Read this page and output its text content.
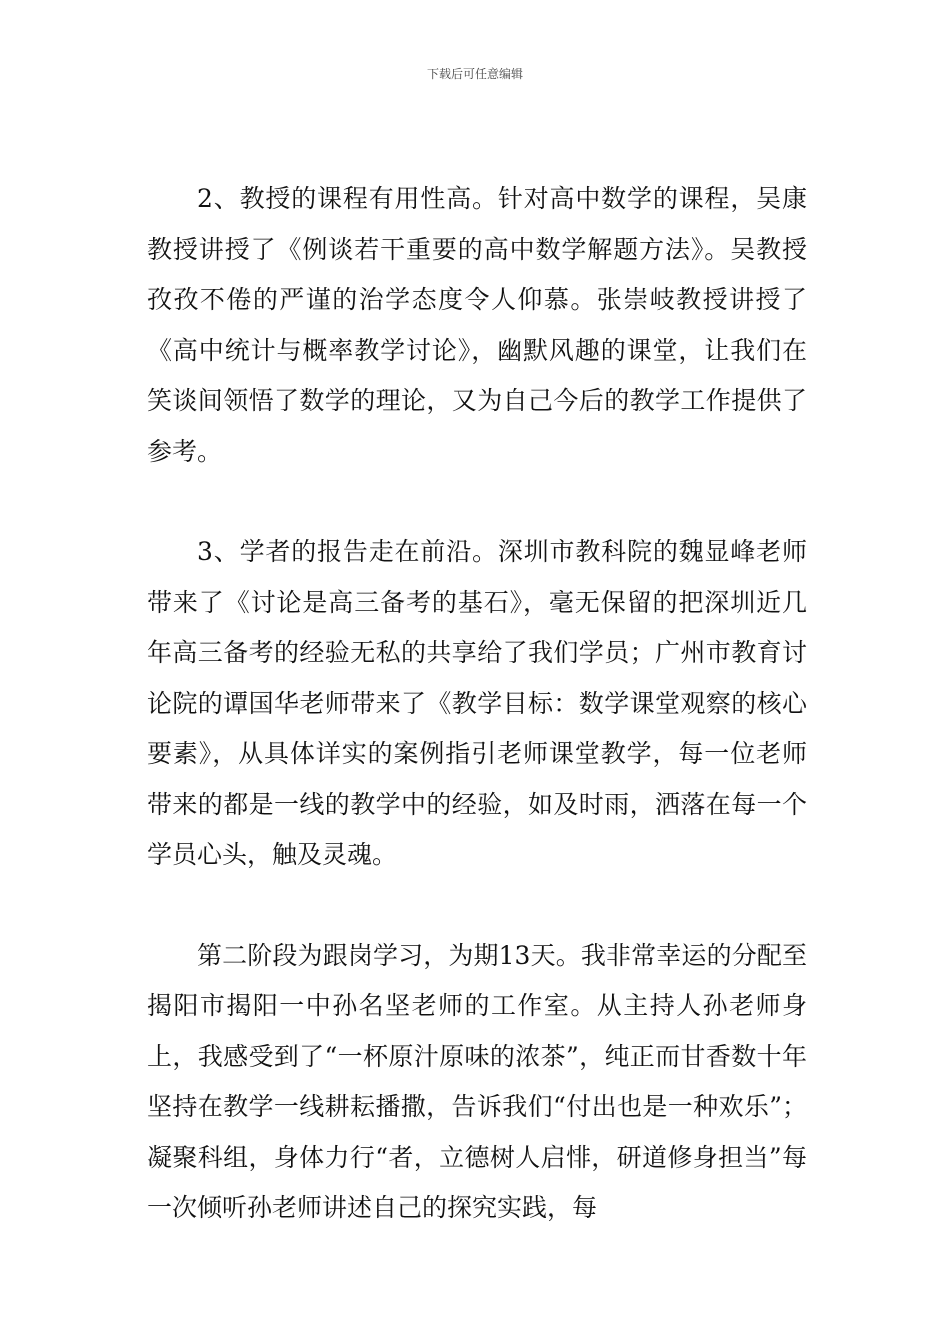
下载后可任意编辑

2、教授的课程有用性高。针对高中数学的课程，吴康教授讲授了《例谈若干重要的高中数学解题方法》。吴教授孜孜不倦的严谨的治学态度令人仰慕。张崇岐教授讲授了《高中统计与概率教学讨论》，幽默风趣的课堂，让我们在笑谈间领悟了数学的理论，又为自己今后的教学工作提供了参考。

3、学者的报告走在前沿。深圳市教科院的魏显峰老师带来了《讨论是高三备考的基石》，毫无保留的把深圳近几年高三备考的经验无私的共享给了我们学员；广州市教育讨论院的谭国华老师带来了《教学目标：数学课堂观察的核心要素》，从具体详实的案例指引老师课堂教学，每一位老师带来的都是一线的教学中的经验，如及时雨，洒落在每一个学员心头，触及灵魂。

第二阶段为跟岗学习，为期13天。我非常幸运的分配至揭阳市揭阳一中孙名坚老师的工作室。从主持人孙老师身上，我感受到了“一杯原汁原味的浓茶”，纯正而甘香数十年坚持在教学一线耕耘播撒，告诉我们“付出也是一种欢乐”；凝聚科组，身体力行“者，立德树人启悱，研道修身担当”每一次倾听孙老师讲述自己的探究实践，每
